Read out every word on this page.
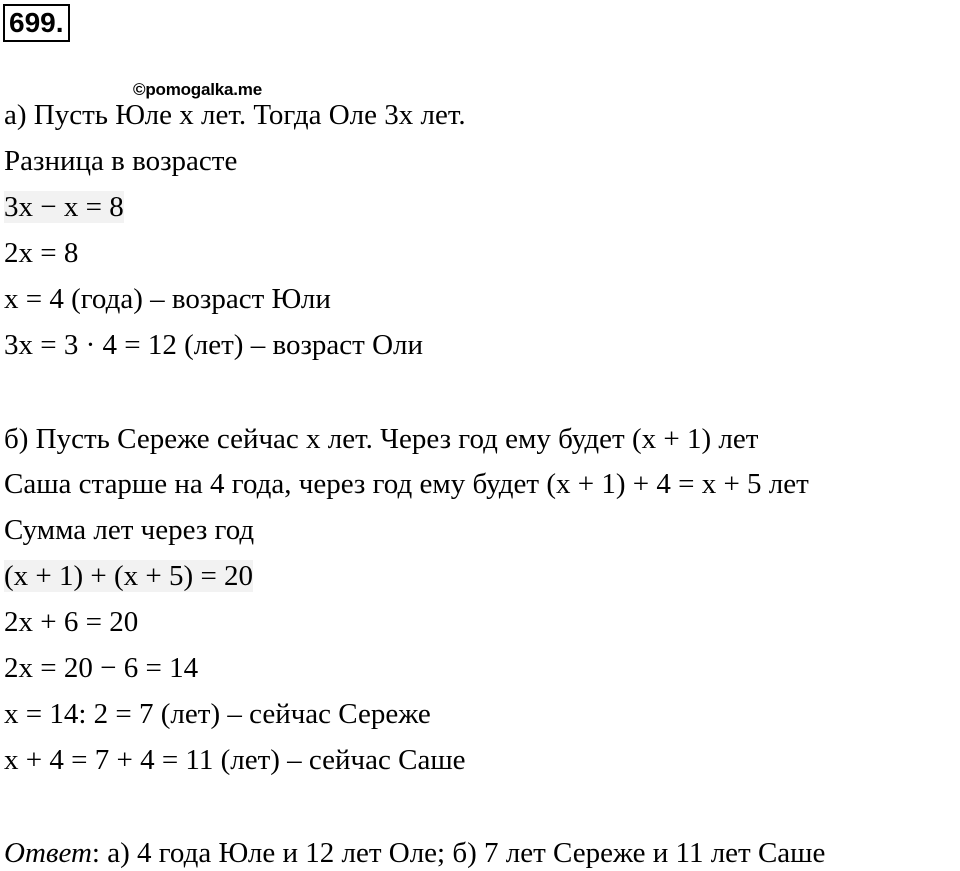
699.
©pomogalka.me
а) Пусть Юле x лет. Тогда Оле 3x лет.
Разница в возрасте
3x − x = 8
2x = 8
x = 4 (года) – возраст Юли
3x = 3 · 4 = 12 (лет) – возраст Оли
б) Пусть Сереже сейчас x лет. Через год ему будет (x + 1) лет
Саша старше на 4 года, через год ему будет (x + 1) + 4 = x + 5 лет
Сумма лет через год
(x + 1) + (x + 5) = 20
2x + 6 = 20
2x = 20 − 6 = 14
x = 14: 2 = 7 (лет) – сейчас Сереже
x + 4 = 7 + 4 = 11 (лет) – сейчас Саше
Ответ: а) 4 года Юле и 12 лет Оле; б) 7 лет Сереже и 11 лет Саше
